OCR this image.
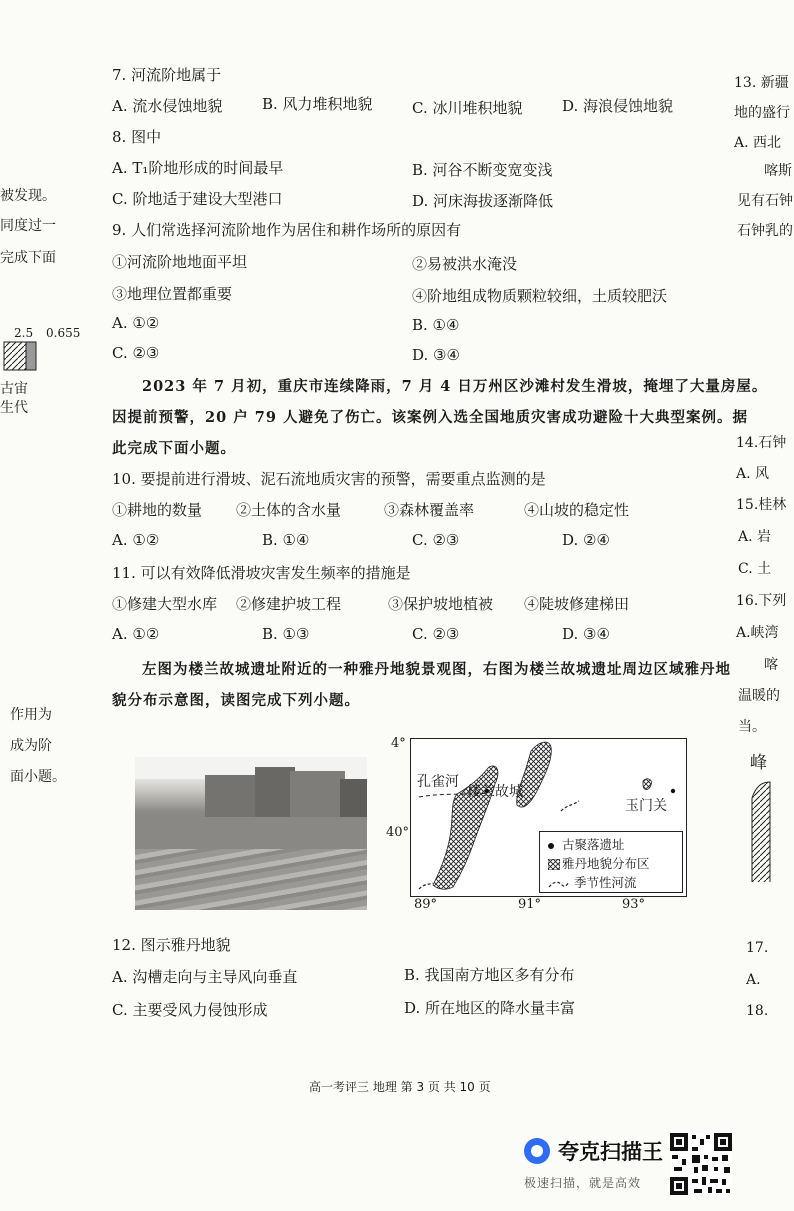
7. 河流阶地属于
A. 流水侵蚀地貌	B. 风力堆积地貌	C. 冰川堆积地貌	D. 海浪侵蚀地貌
8. 图中
A. T₁阶地形成的时间最早	B. 河谷不断变宽变浅
C. 阶地适于建设大型港口	D. 河床海拔逐渐降低
9. 人们常选择河流阶地作为居住和耕作场所的原因有
①河流阶地地面平坦	②易被洪水淹没
③地理位置都重要	④阶地组成物质颗粒较细，土质较肥沃
A. ①②	B. ①④
C. ②③	D. ③④
2023 年 7 月初，重庆市连续降雨，7 月 4 日万州区沙滩村发生滑坡，掩埋了大量房屋。
因提前预警，20 户 79 人避免了伤亡。该案例入选全国地质灾害成功避险十大典型案例。据
此完成下面小题。
10. 要提前进行滑坡、泥石流地质灾害的预警，需要重点监测的是
①耕地的数量 ②土体的含水量	③森林覆盖率	④山坡的稳定性
A. ①②	B. ①④	C. ②③	D. ②④
11. 可以有效降低滑坡灾害发生频率的措施是
①修建大型水库 ②修建护坡工程	③保护坡地植被 ④陡坡修建梯田
A. ①②	B. ①③	C. ②③	D. ③④
左图为楼兰故城遗址附近的一种雅丹地貌景观图，右图为楼兰故城遗址周边区域雅丹地
貌分布示意图，读图完成下列小题。
孔雀河
楼兰故城
玉门关
古聚落遗址
雅丹地貌分布区
季节性河流
4°
40°
89°	91°	93°
12. 图示雅丹地貌
A. 沟槽走向与主导风向垂直	B. 我国南方地区多有分布
C. 主要受风力侵蚀形成	D. 所在地区的降水量丰富
被发现。
同度过一
完成下面
2.5 0.655
古宙
生代
作用为
成为阶
面小题。
13. 新疆
地的盛行
A. 西北
喀斯
见有石钟
石钟乳的
14.石钟
A. 风
15.桂林
A. 岩
C. 土
16.下列
A.峡湾
喀
温暖的
当。
峰
17.
A.
18.
高一考评三 地理 第 3 页 共 10 页
夸克扫描王
极速扫描，就是高效
